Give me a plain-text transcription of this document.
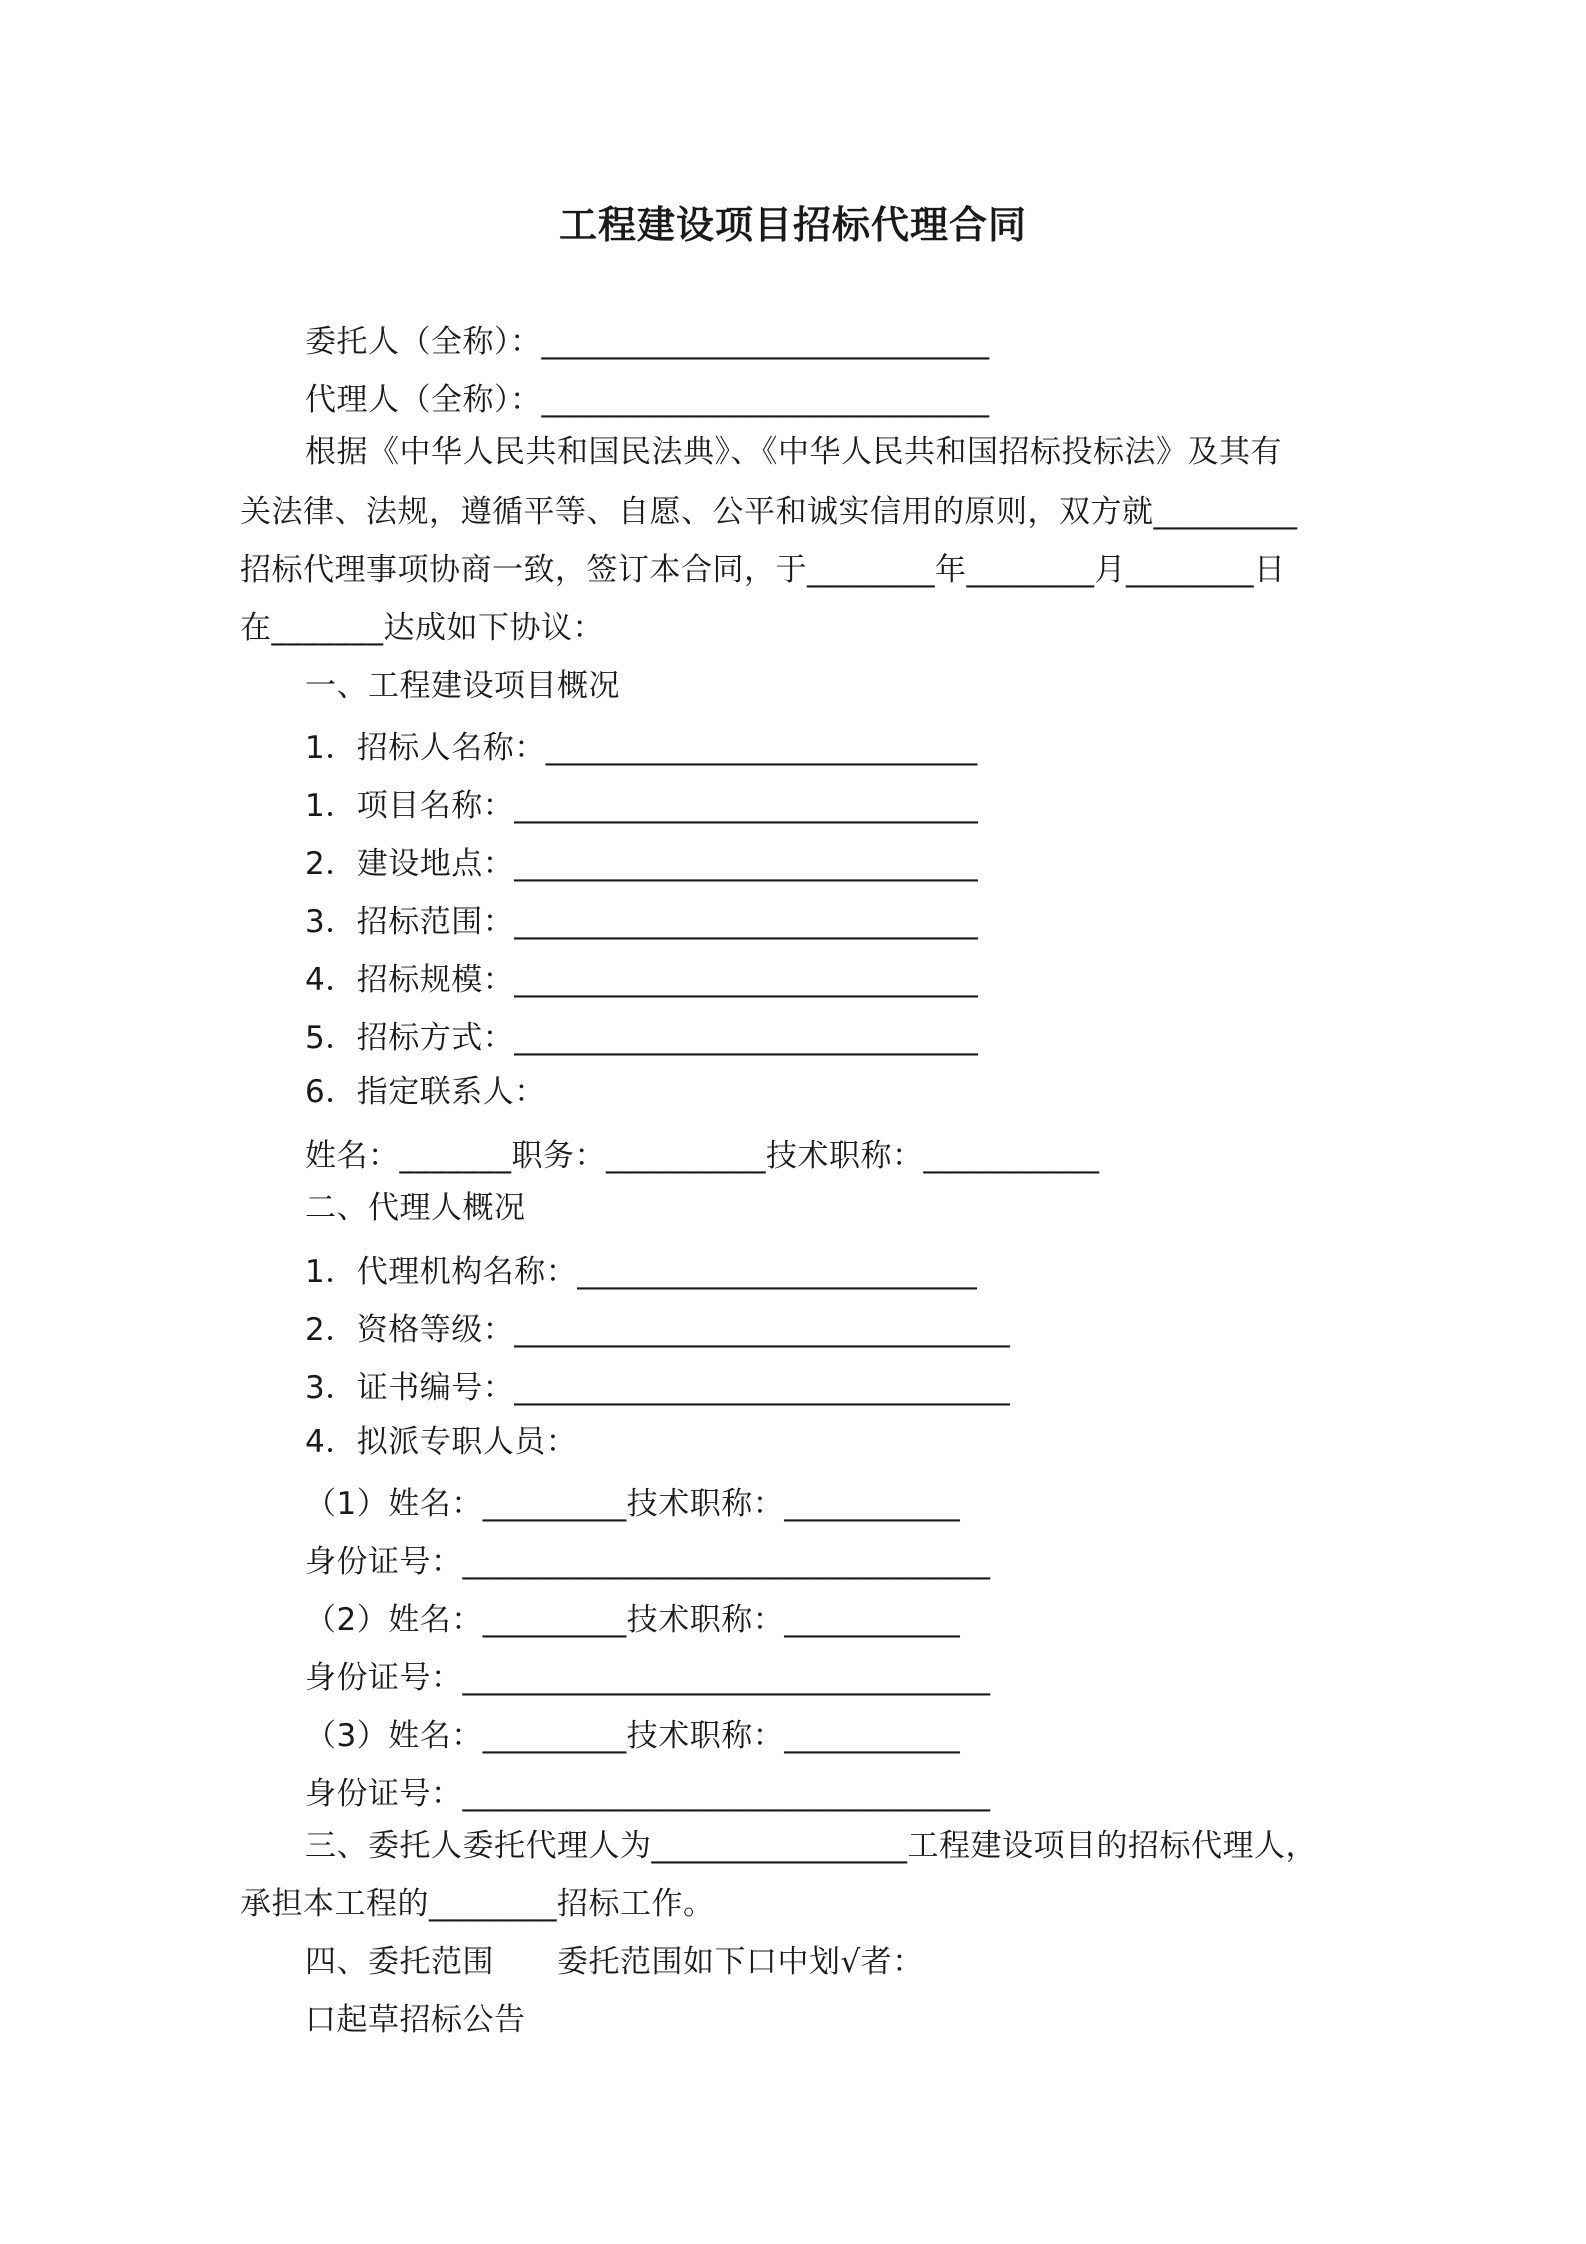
工程建设项目招标代理合同
委托人（全称）：____________________________
代理人（全称）：____________________________
根据《中华人民共和国民法典》、《中华人民共和国招标投标法》及其有
关法律、法规，遵循平等、自愿、公平和诚实信用的原则，双方就_________
招标代理事项协商一致，签订本合同，于________年________月________日
在_______达成如下协议：
一、工程建设项目概况
1．招标人名称：___________________________
1．项目名称：_____________________________
2．建设地点：_____________________________
3．招标范围：_____________________________
4．招标规模：_____________________________
5．招标方式：_____________________________
6．指定联系人：
姓名：_______职务：__________技术职称：___________
二、代理人概况
1．代理机构名称：_________________________
2．资格等级：_______________________________
3．证书编号：_______________________________
4．拟派专职人员：
（1）姓名：_________技术职称：___________
身份证号：_________________________________
（2）姓名：_________技术职称：___________
身份证号：_________________________________
（3）姓名：_________技术职称：___________
身份证号：_________________________________
三、委托人委托代理人为________________工程建设项目的招标代理人，
承担本工程的________招标工作。
四、委托范围　　委托范围如下口中划√者：
口起草招标公告
